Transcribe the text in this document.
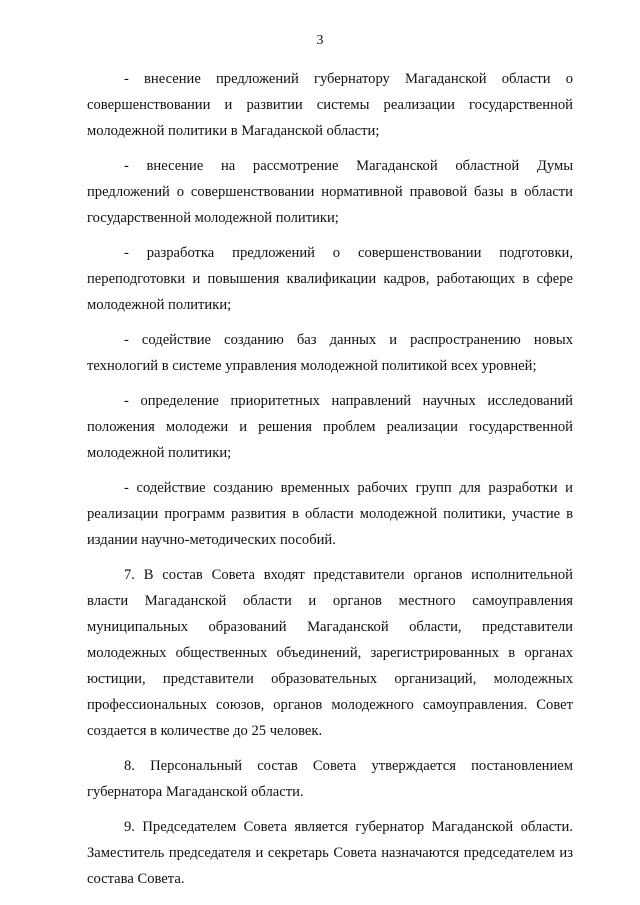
3

- внесение предложений губернатору Магаданской области о совершенствовании и развитии системы реализации государственной молодежной политики в Магаданской области;

- внесение на рассмотрение Магаданской областной Думы предложений о совершенствовании нормативной правовой базы в области государственной молодежной политики;

- разработка предложений о совершенствовании подготовки, переподготовки и повышения квалификации кадров, работающих в сфере молодежной политики;

- содействие созданию баз данных и распространению новых технологий в системе управления молодежной политикой всех уровней;

- определение приоритетных направлений научных исследований положения молодежи и решения проблем реализации государственной молодежной политики;

- содействие созданию временных рабочих групп для разработки и реализации программ развития в области молодежной политики, участие в издании научно-методических пособий.

7. В состав Совета входят представители органов исполнительной власти Магаданской области и органов местного самоуправления муниципальных образований Магаданской области, представители молодежных общественных объединений, зарегистрированных в органах юстиции, представители образовательных организаций, молодежных профессиональных союзов, органов молодежного самоуправления. Совет создается в количестве до 25 человек.

8. Персональный состав Совета утверждается постановлением губернатора Магаданской области.

9. Председателем Совета является губернатор Магаданской области. Заместитель председателя и секретарь Совета назначаются председателем из состава Совета.
